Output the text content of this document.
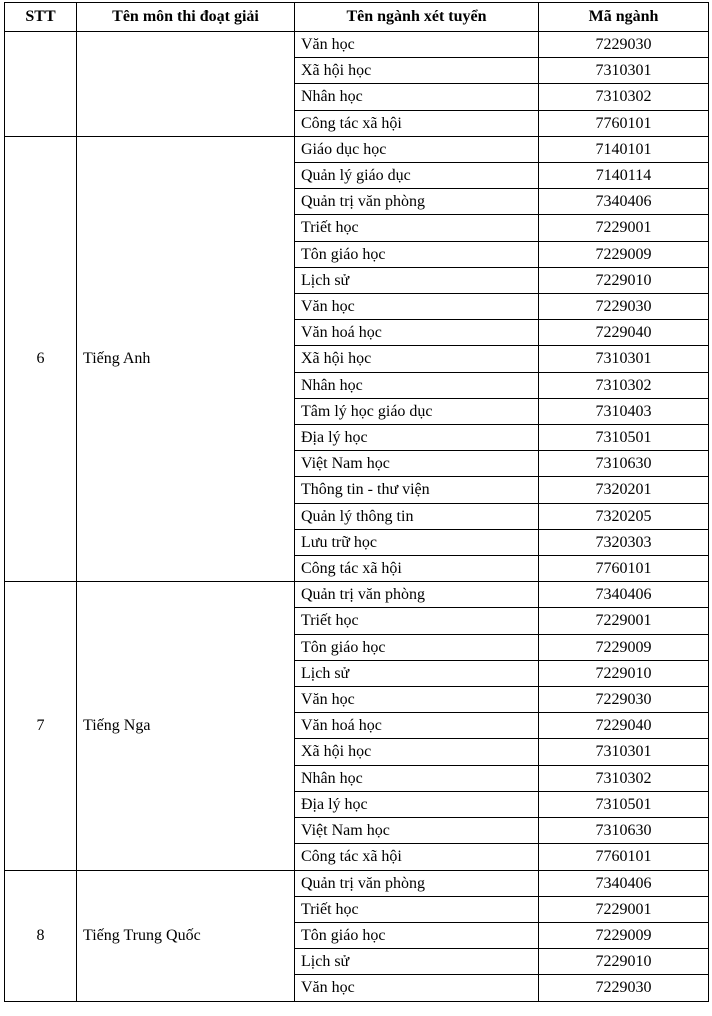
STT	Tên môn thi đoạt giải	Tên ngành xét tuyển	Mã ngành
		Văn học	7229030
		Xã hội học	7310301
		Nhân học	7310302
		Công tác xã hội	7760101
6	Tiếng Anh	Giáo dục học	7140101
		Quản lý giáo dục	7140114
		Quản trị văn phòng	7340406
		Triết học	7229001
		Tôn giáo học	7229009
		Lịch sử	7229010
		Văn học	7229030
		Văn hoá học	7229040
		Xã hội học	7310301
		Nhân học	7310302
		Tâm lý học giáo dục	7310403
		Địa lý học	7310501
		Việt Nam học	7310630
		Thông tin - thư viện	7320201
		Quản lý thông tin	7320205
		Lưu trữ học	7320303
		Công tác xã hội	7760101
7	Tiếng Nga	Quản trị văn phòng	7340406
		Triết học	7229001
		Tôn giáo học	7229009
		Lịch sử	7229010
		Văn học	7229030
		Văn hoá học	7229040
		Xã hội học	7310301
		Nhân học	7310302
		Địa lý học	7310501
		Việt Nam học	7310630
		Công tác xã hội	7760101
8	Tiếng Trung Quốc	Quản trị văn phòng	7340406
		Triết học	7229001
		Tôn giáo học	7229009
		Lịch sử	7229010
		Văn học	7229030
